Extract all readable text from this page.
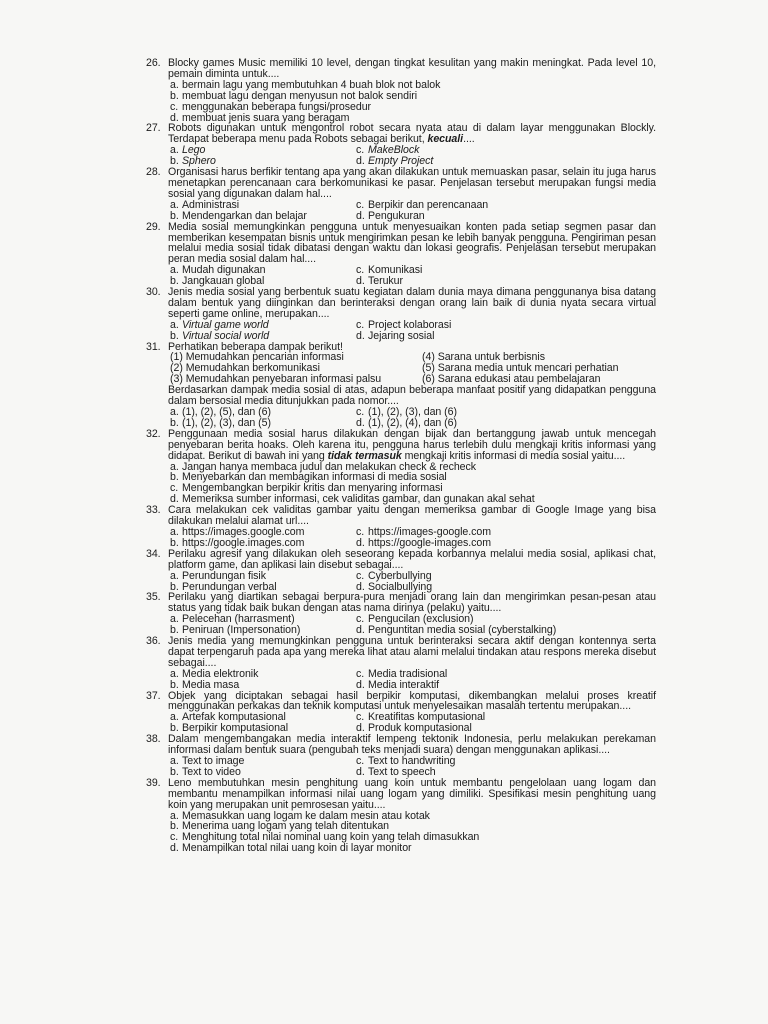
26. Blocky games Music memiliki 10 level, dengan tingkat kesulitan yang makin meningkat. Pada level 10, pemain diminta untuk....
a. bermain lagu yang membutuhkan 4 buah blok not balok
b. membuat lagu dengan menyusun not balok sendiri
c. menggunakan beberapa fungsi/prosedur
d. membuat jenis suara yang beragam
27. Robots digunakan untuk mengontrol robot secara nyata atau di dalam layar menggunakan Blockly. Terdapat beberapa menu pada Robots sebagai berikut, kecuali....
a. Lego	c. MakeBlock
b. Sphero	d. Empty Project
28. Organisasi harus berfikir tentang apa yang akan dilakukan untuk memuaskan pasar, selain itu juga harus menetapkan perencanaan cara berkomunikasi ke pasar. Penjelasan tersebut merupakan fungsi media sosial yang digunakan dalam hal....
a. Administrasi	c. Berpikir dan perencanaan
b. Mendengarkan dan belajar	d. Pengukuran
29. Media sosial memungkinkan pengguna untuk menyesuaikan konten pada setiap segmen pasar dan memberikan kesempatan bisnis untuk mengirimkan pesan ke lebih banyak pengguna. Pengiriman pesan melalui media sosial tidak dibatasi dengan waktu dan lokasi geografis. Penjelasan tersebut merupakan peran media sosial dalam hal....
a. Mudah digunakan	c. Komunikasi
b. Jangkauan global	d. Terukur
30. Jenis media sosial yang berbentuk suatu kegiatan dalam dunia maya dimana penggunanya bisa datang dalam bentuk yang diinginkan dan berinteraksi dengan orang lain baik di dunia nyata secara virtual seperti game online, merupakan....
a. Virtual game world	c. Project kolaborasi
b. Virtual social world	d. Jejaring sosial
31. Perhatikan beberapa dampak berikut!
(1) Memudahkan pencarian informasi	(4) Sarana untuk berbisnis
(2) Memudahkan berkomunikasi	(5) Sarana media untuk mencari perhatian
(3) Memudahkan penyebaran informasi palsu	(6) Sarana edukasi atau pembelajaran
Berdasarkan dampak media sosial di atas, adapun beberapa manfaat positif yang didapatkan pengguna dalam bersosial media ditunjukkan pada nomor....
a. (1), (2), (5), dan (6)	c. (1), (2), (3), dan (6)
b. (1), (2), (3), dan (5)	d. (1), (2), (4), dan (6)
32. Penggunaan media sosial harus dilakukan dengan bijak dan bertanggung jawab untuk mencegah penyebaran berita hoaks. Oleh karena itu, pengguna harus terlebih dulu mengkaji kritis informasi yang didapat. Berikut di bawah ini yang tidak termasuk mengkaji kritis informasi di media sosial yaitu....
a. Jangan hanya membaca judul dan melakukan check & recheck
b. Menyebarkan dan membagikan informasi di media sosial
c. Mengembangkan berpikir kritis dan menyaring informasi
d. Memeriksa sumber informasi, cek validitas gambar, dan gunakan akal sehat
33. Cara melakukan cek validitas gambar yaitu dengan memeriksa gambar di Google Image yang bisa dilakukan melalui alamat url....
a. https://images.google.com	c. https://images-google.com
b. https://google.images.com	d. https://google-images.com
34. Perilaku agresif yang dilakukan oleh seseorang kepada korbannya melalui media sosial, aplikasi chat, platform game, dan aplikasi lain disebut sebagai....
a. Perundungan fisik	c. Cyberbullying
b. Perundungan verbal	d. Socialbullying
35. Perilaku yang diartikan sebagai berpura-pura menjadi orang lain dan mengirimkan pesan-pesan atau status yang tidak baik bukan dengan atas nama dirinya (pelaku) yaitu....
a. Pelecehan (harrasment)	c. Pengucilan (exclusion)
b. Peniruan (Impersonation)	d. Penguntitan media sosial (cyberstalking)
36. Jenis media yang memungkinkan pengguna untuk berinteraksi secara aktif dengan kontennya serta dapat terpengaruh pada apa yang mereka lihat atau alami melalui tindakan atau respons mereka disebut sebagai....
a. Media elektronik	c. Media tradisional
b. Media masa	d. Media interaktif
37. Objek yang diciptakan sebagai hasil berpikir komputasi, dikembangkan melalui proses kreatif menggunakan perkakas dan teknik komputasi untuk menyelesaikan masalah tertentu merupakan....
a. Artefak komputasional	c. Kreatifitas komputasional
b. Berpikir komputasional	d. Produk komputasional
38. Dalam mengembangakan media interaktif lempeng tektonik Indonesia, perlu melakukan perekaman informasi dalam bentuk suara (pengubah teks menjadi suara) dengan menggunakan aplikasi....
a. Text to image	c. Text to handwriting
b. Text to video	d. Text to speech
39. Leno membutuhkan mesin penghitung uang koin untuk membantu pengelolaan uang logam dan membantu menampilkan informasi nilai uang logam yang dimiliki. Spesifikasi mesin penghitung uang koin yang merupakan unit pemrosesan yaitu....
a. Memasukkan uang logam ke dalam mesin atau kotak
b. Menerima uang logam yang telah ditentukan
c. Menghitung total nilai nominal uang koin yang telah dimasukkan
d. Menampilkan total nilai uang koin di layar monitor
